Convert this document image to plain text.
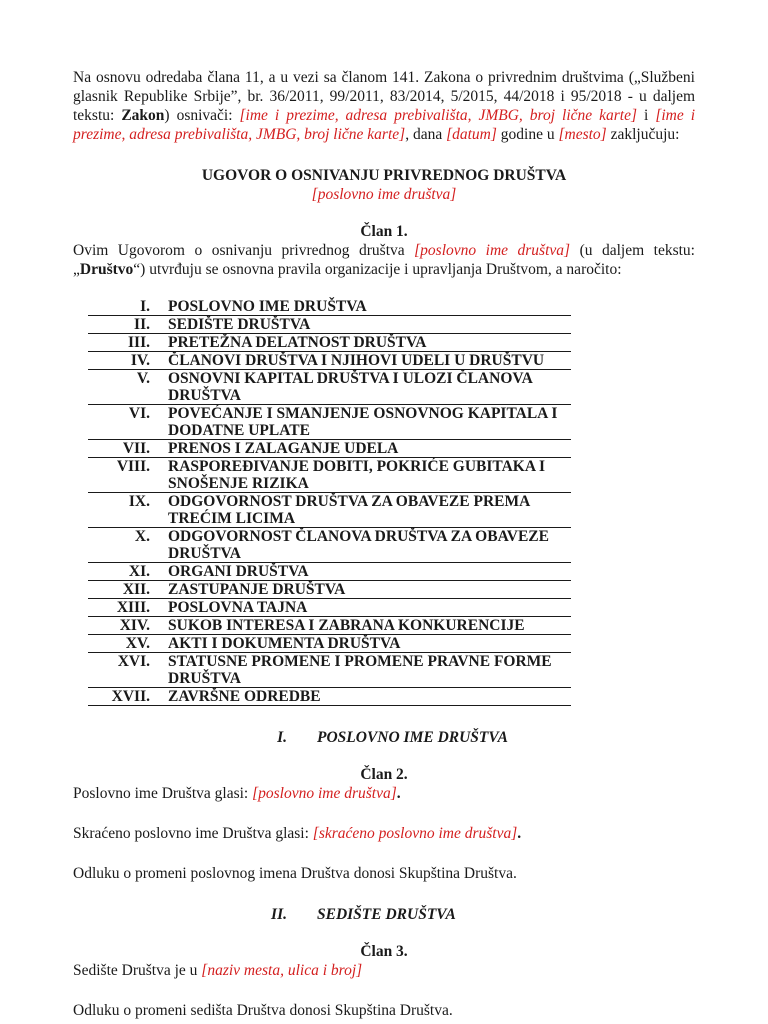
Na osnovu odredaba člana 11, a u vezi sa članom 141. Zakona o privrednim društvima („Službeni glasnik Republike Srbije”, br. 36/2011, 99/2011, 83/2014, 5/2015, 44/2018 i 95/2018 - u daljem tekstu: Zakon) osnivači: [ime i prezime, adresa prebivališta, JMBG, broj lične karte] i [ime i prezime, adresa prebivališta, JMBG, broj lične karte], dana [datum] godine u [mesto] zaključuju:

UGOVOR O OSNIVANJU PRIVREDNOG DRUŠTVA
[poslovno ime društva]
Član 1.

Ovim Ugovorom o osnivanju privrednog društva [poslovno ime društva] (u daljem tekstu: „Društvo“) utvrđuju se osnovna pravila organizacije i upravljanja Društvom, a naročito:

I.	POSLOVNO IME DRUŠTVA
II.	SEDIŠTE DRUŠTVA
III.	PRETEŽNA DELATNOST DRUŠTVA
IV.	ČLANOVI DRUŠTVA I NJIHOVI UDELI U DRUŠTVU
V.	OSNOVNI KAPITAL DRUŠTVA I ULOZI ČLANOVA DRUŠTVA
VI.	POVEĆANJE I SMANJENJE OSNOVNOG KAPITALA I DODATNE UPLATE
VII.	PRENOS I ZALAGANJE UDELA
VIII.	RASPOREĐIVANJE DOBITI, POKRIĆE GUBITAKA I SNOŠENJE RIZIKA
IX.	ODGOVORNOST DRUŠTVA ZA OBAVEZE PREMA TREĆIM LICIMA
X.	ODGOVORNOST ČLANOVA DRUŠTVA ZA OBAVEZE DRUŠTVA
XI.	ORGANI DRUŠTVA
XII.	ZASTUPANJE DRUŠTVA
XIII.	POSLOVNA TAJNA
XIV.	SUKOB INTERESA I ZABRANA KONKURENCIJE
XV.	AKTI I DOKUMENTA DRUŠTVA
XVI.	STATUSNE PROMENE I PROMENE PRAVNE FORME DRUŠTVA
XVII.	ZAVRŠNE ODREDBE
I. POSLOVNO IME DRUŠTVA
Član 2.

Poslovno ime Društva glasi: [poslovno ime društva].

Skraćeno poslovno ime Društva glasi: [skraćeno poslovno ime društva].

Odluku o promeni poslovnog imena Društva donosi Skupština Društva.

II. SEDIŠTE DRUŠTVA
Član 3.

Sedište Društva je u [naziv mesta, ulica i broj]

Odluku o promeni sedišta Društva donosi Skupština Društva.
